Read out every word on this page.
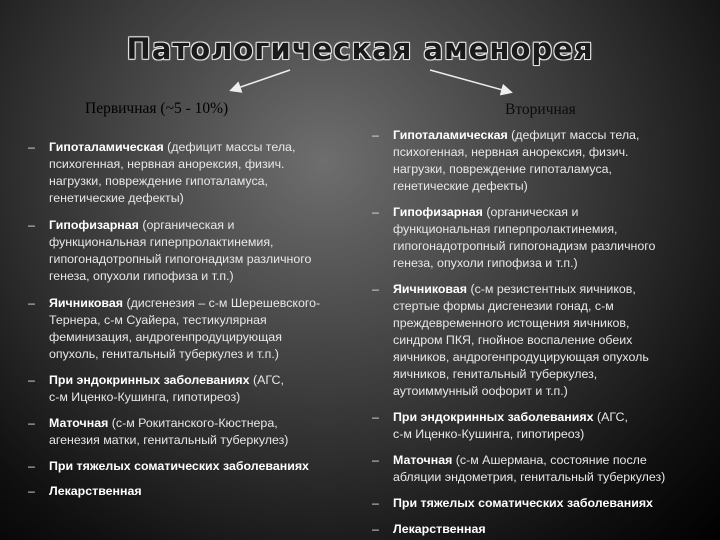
Патологическая аменорея
Первичная (~5 - 10%)	Вторичная
– Гипоталамическая (дефицит массы тела,
психогенная, нервная анорексия, физич.
нагрузки, повреждение гипоталамуса,
генетические дефекты)
– Гипофизарная (органическая и
функциональная гиперпролактинемия,
гипогонадотропный гипогонадизм различного
генеза, опухоли гипофиза и т.п.)
– Яичниковая (дисгенезия – с-м Шерешевского-
Тернера, с-м Суайера, тестикулярная
феминизация, андрогенпродуцирующая
опухоль, генитальный туберкулез и т.п.)
– При эндокринных заболеваниях (АГС,
с-м Иценко-Кушинга, гипотиреоз)
– Маточная (с-м Рокитанского-Кюстнера,
агенезия матки, генитальный туберкулез)
– При тяжелых соматических заболеваниях
– Лекарственная
– Гипоталамическая (дефицит массы тела,
психогенная, нервная анорексия, физич.
нагрузки, повреждение гипоталамуса,
генетические дефекты)
– Гипофизарная (органическая и
функциональная гиперпролактинемия,
гипогонадотропный гипогонадизм различного
генеза, опухоли гипофиза и т.п.)
– Яичниковая (с-м резистентных яичников,
стертые формы дисгенезии гонад, с-м
преждевременного истощения яичников,
синдром ПКЯ, гнойное воспаление обеих
яичников, андрогенпродуцирующая опухоль
яичников, генитальный туберкулез,
аутоиммунный оофорит и т.п.)
– При эндокринных заболеваниях (АГС,
с-м Иценко-Кушинга, гипотиреоз)
– Маточная (с-м Ашермана, состояние после
абляции эндометрия, генитальный туберкулез)
– При тяжелых соматических заболеваниях
– Лекарственная
